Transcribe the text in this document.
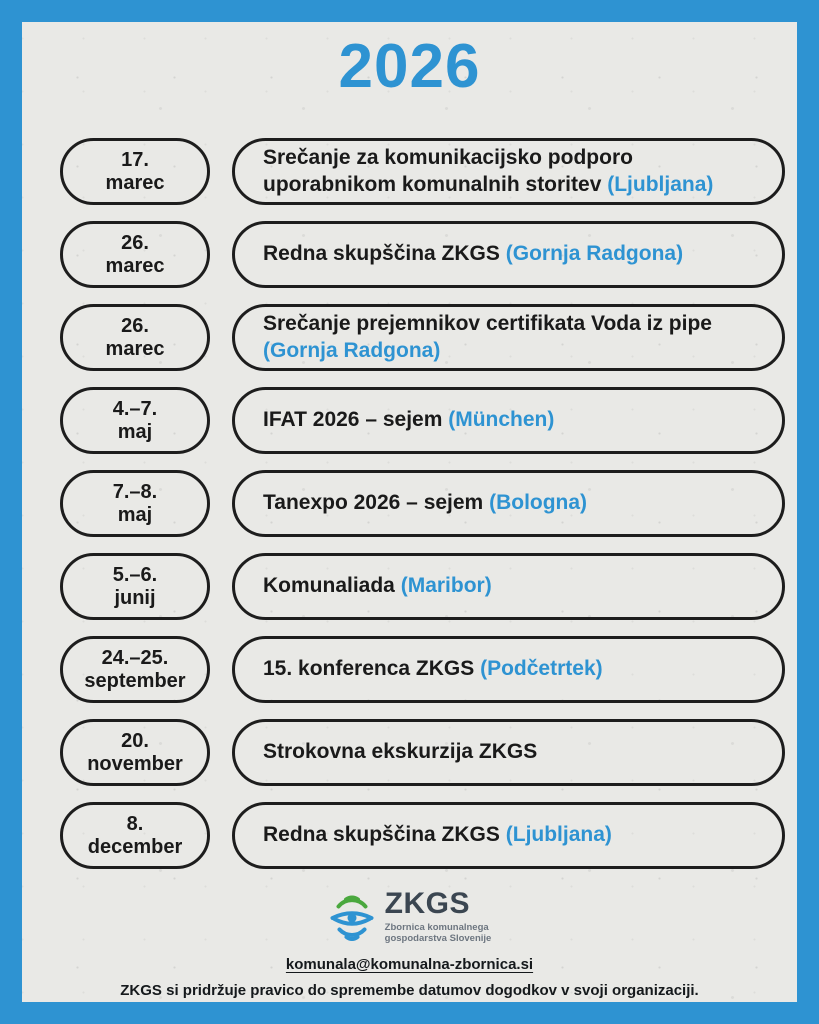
2026
17.
marec
Srečanje za komunikacijsko podporo uporabnikom komunalnih storitev (Ljubljana)
26.
marec
Redna skupščina ZKGS (Gornja Radgona)
26.
marec
Srečanje prejemnikov certifikata Voda iz pipe (Gornja Radgona)
4.–7.
maj
IFAT 2026 – sejem (München)
7.–8.
maj
Tanexpo 2026 – sejem (Bologna)
5.–6.
junij
Komunaliada (Maribor)
24.–25.
september
15. konferenca ZKGS (Podčetrtek)
20.
november
Strokovna ekskurzija ZKGS
8.
december
Redna skupščina ZKGS (Ljubljana)
ZKGS
Zbornica komunalnega
gospodarstva Slovenije
komunala@komunalna-zbornica.si
ZKGS si pridržuje pravico do spremembe datumov dogodkov v svoji organizaciji.
